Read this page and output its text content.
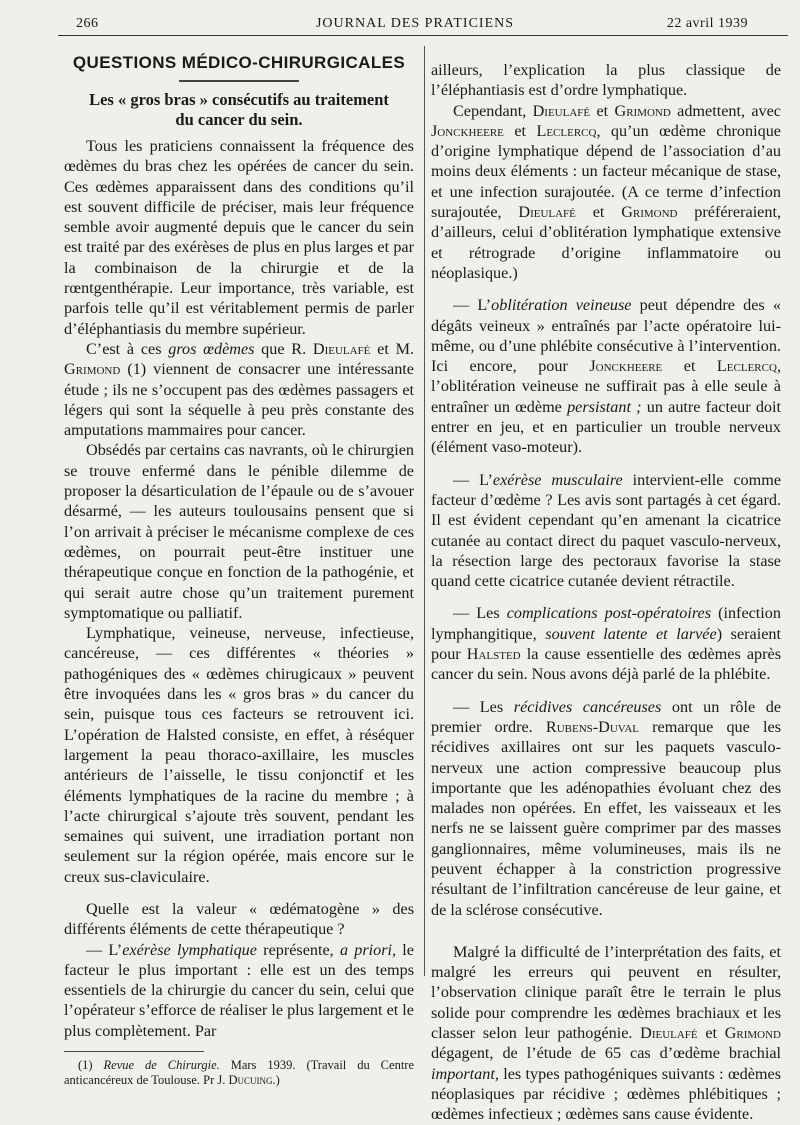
266	JOURNAL DES PRATICIENS	22 avril 1939
QUESTIONS MÉDICO-CHIRURGICALES
Les « gros bras » consécutifs au traitement
du cancer du sein.

Tous les praticiens connaissent la fréquence des œdèmes du bras chez les opérées de cancer du sein. Ces œdèmes apparaissent dans des conditions qu’il est souvent difficile de préciser, mais leur fréquence semble avoir augmenté depuis que le cancer du sein est traité par des exérèses de plus en plus larges et par la combinaison de la chirurgie et de la rœntgenthérapie. Leur importance, très variable, est parfois telle qu’il est véritablement permis de parler d’éléphantiasis du membre supérieur.

C’est à ces gros œdèmes que R. Dieulafé et M. Grimond (1) viennent de consacrer une intéressante étude ; ils ne s’occupent pas des œdèmes passagers et légers qui sont la séquelle à peu près constante des amputations mammaires pour cancer.

Obsédés par certains cas navrants, où le chirurgien se trouve enfermé dans le pénible dilemme de proposer la désarticulation de l’épaule ou de s’avouer désarmé, — les auteurs toulousains pensent que si l’on arrivait à préciser le mécanisme complexe de ces œdèmes, on pourrait peut-être instituer une thérapeutique conçue en fonction de la pathogénie, et qui serait autre chose qu’un traitement purement symptomatique ou palliatif.

Lymphatique, veineuse, nerveuse, infectieuse, cancéreuse, — ces différentes « théories » pathogéniques des « œdèmes chirugicaux » peuvent être invoquées dans les « gros bras » du cancer du sein, puisque tous ces facteurs se retrouvent ici. L’opération de Halsted consiste, en effet, à réséquer largement la peau thoraco-axillaire, les muscles antérieurs de l’aisselle, le tissu conjonctif et les éléments lymphatiques de la racine du membre ; à l’acte chirurgical s’ajoute très souvent, pendant les semaines qui suivent, une irradiation portant non seulement sur la région opérée, mais encore sur le creux sus-claviculaire.

Quelle est la valeur « œdématogène » des différents éléments de cette thérapeutique ?

— L’exérèse lymphatique représente, a priori, le facteur le plus important : elle est un des temps essentiels de la chirurgie du cancer du sein, celui que l’opérateur s’efforce de réaliser le plus largement et le plus complètement. Par

(1) Revue de Chirurgie. Mars 1939. (Travail du Centre anticancéreux de Toulouse. Pr J. Ducuing.)

ailleurs, l’explication la plus classique de l’éléphantiasis est d’ordre lymphatique.

Cependant, Dieulafé et Grimond admettent, avec Jonckheere et Leclercq, qu’un œdème chronique d’origine lymphatique dépend de l’association d’au moins deux éléments : un facteur mécanique de stase, et une infection surajoutée. (A ce terme d’infection surajoutée, Dieulafé et Grimond préféreraient, d’ailleurs, celui d’oblitération lymphatique extensive et rétrograde d’origine inflammatoire ou néoplasique.)

— L’oblitération veineuse peut dépendre des « dégâts veineux » entraînés par l’acte opératoire lui-même, ou d’une phlébite consécutive à l’intervention. Ici encore, pour Jonckheere et Leclercq, l’oblitération veineuse ne suffirait pas à elle seule à entraîner un œdème persistant ; un autre facteur doit entrer en jeu, et en particulier un trouble nerveux (élément vaso-moteur).

— L’exérèse musculaire intervient-elle comme facteur d’œdème ? Les avis sont partagés à cet égard. Il est évident cependant qu’en amenant la cicatrice cutanée au contact direct du paquet vasculo-nerveux, la résection large des pectoraux favorise la stase quand cette cicatrice cutanée devient rétractile.

— Les complications post-opératoires (infection lymphangitique, souvent latente et larvée) seraient pour Halsted la cause essentielle des œdèmes après cancer du sein. Nous avons déjà parlé de la phlébite.

— Les récidives cancéreuses ont un rôle de premier ordre. Rubens-Duval remarque que les récidives axillaires ont sur les paquets vasculo-nerveux une action compressive beaucoup plus importante que les adénopathies évoluant chez des malades non opérées. En effet, les vaisseaux et les nerfs ne se laissent guère comprimer par des masses ganglionnaires, même volumineuses, mais ils ne peuvent échapper à la constriction progressive résultant de l’infiltration cancéreuse de leur gaine, et de la sclérose consécutive.

Malgré la difficulté de l’interprétation des faits, et malgré les erreurs qui peuvent en résulter, l’observation clinique paraît être le terrain le plus solide pour comprendre les œdèmes brachiaux et les classer selon leur pathogénie. Dieulafé et Grimond dégagent, de l’étude de 65 cas d’œdème brachial important, les types pathogéniques suivants : œdèmes néoplasiques par récidive ; œdèmes phlébitiques ; œdèmes infectieux ; œdèmes sans cause évidente.
